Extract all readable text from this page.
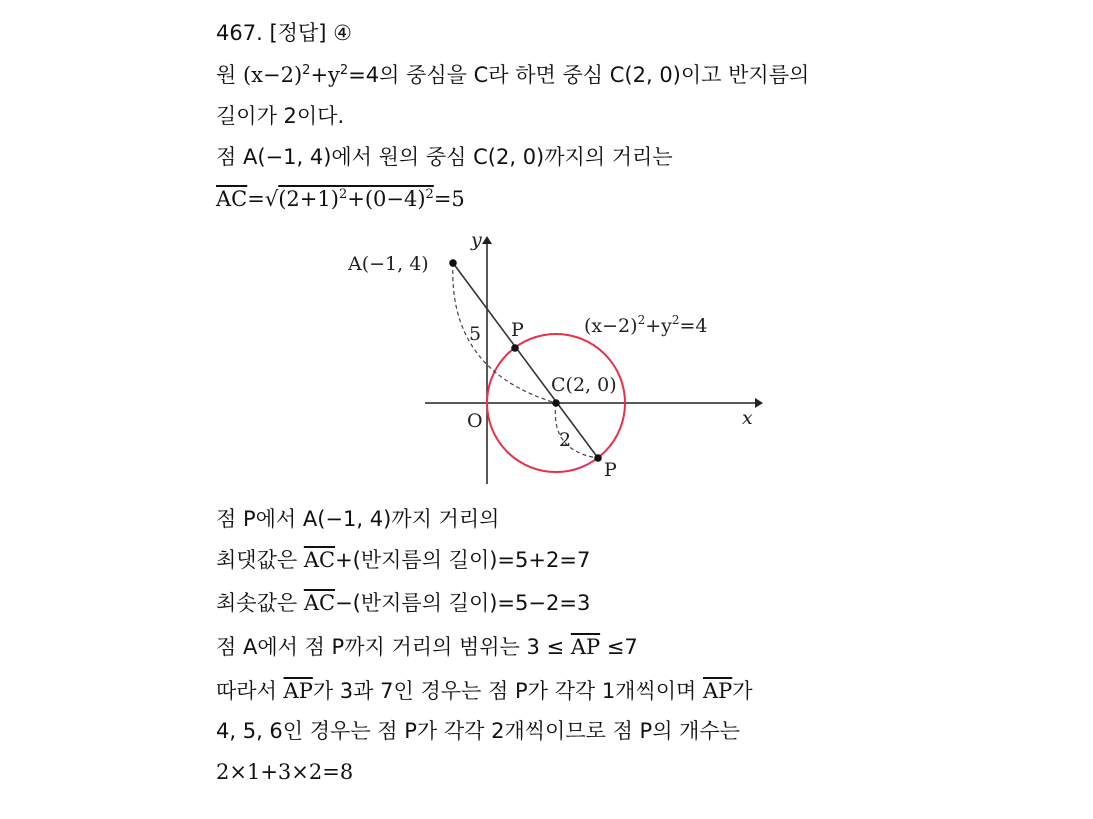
467. [정답] ④
원 $(x-2)^2+y^2=4$의 중심을 C라 하면 중심 C(2, 0)이고 반지름의
길이가 2이다.
점 A(−1, 4)에서 원의 중심 C(2, 0)까지의 거리는
$\overline{AC}=√(2+1)^2+(0-4)^2=5$
A(−1, 4)
P
P
C(2, 0)
O	x
y
5
2
$(x-2)^2+y^2=4$
점 P에서 A(−1, 4)까지 거리의
최댓값은 $\overline{AC}+$(반지름의 길이)=5+2=7
최솟값은 $\overline{AC}-$(반지름의 길이)=5−2=3
점 A에서 점 P까지 거리의 범위는 $3 \le \overline{AP} \le 7$
따라서 $\overline{AP}$가 3과 7인 경우는 점 P가 각각 1개씩이며 $\overline{AP}$가
4, 5, 6인 경우는 점 P가 각각 2개씩이므로 점 P의 개수는
2×1+3×2=8
